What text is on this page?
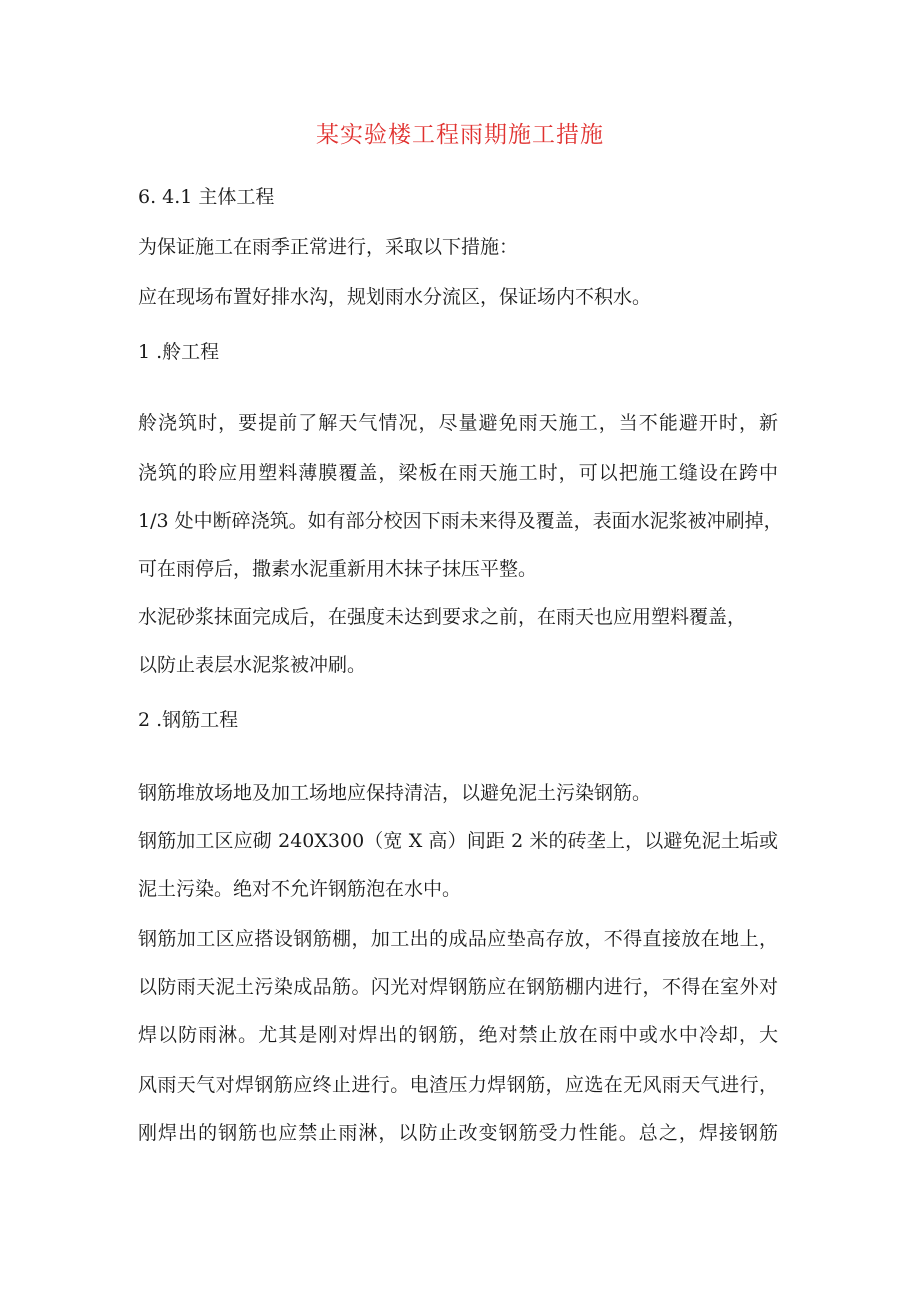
某实验楼工程雨期施工措施
6. 4.1 主体工程
为保证施工在雨季正常进行，采取以下措施：
应在现场布置好排水沟，规划雨水分流区，保证场内不积水。
1 .舲工程
舲浇筑时，要提前了解天气情况，尽量避免雨天施工，当不能避开时，新
浇筑的聆应用塑料薄膜覆盖，梁板在雨天施工时，可以把施工缝设在跨中
1/3 处中断碎浇筑。如有部分校因下雨未来得及覆盖，表面水泥浆被冲刷掉，
可在雨停后，撒素水泥重新用木抹子抹压平整。
水泥砂浆抹面完成后，在强度未达到要求之前，在雨天也应用塑料覆盖，
以防止表层水泥浆被冲刷。
2 .钢筋工程
钢筋堆放场地及加工场地应保持清洁，以避免泥土污染钢筋。
钢筋加工区应砌 240X300（宽 X 高）间距 2 米的砖垄上，以避免泥土垢或
泥土污染。绝对不允许钢筋泡在水中。
钢筋加工区应搭设钢筋棚，加工出的成品应垫高存放，不得直接放在地上，
以防雨天泥土污染成品筋。闪光对焊钢筋应在钢筋棚内进行，不得在室外对
焊以防雨淋。尤其是刚对焊出的钢筋，绝对禁止放在雨中或水中冷却，大
风雨天气对焊钢筋应终止进行。电渣压力焊钢筋，应选在无风雨天气进行，
刚焊出的钢筋也应禁止雨淋，以防止改变钢筋受力性能。总之，焊接钢筋
